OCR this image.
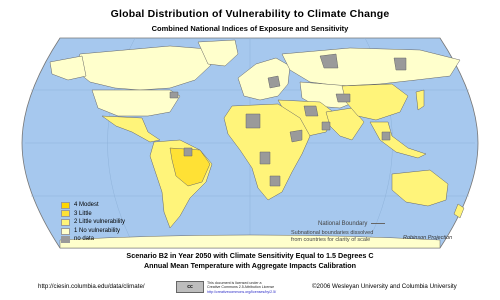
Global Distribution of Vulnerability to Climate Change
Combined National Indices of Exposure and Sensitivity
4 Modest
3 Little
2 Little vulnerability
1 No vulnerability
no data
National Boundary
Subnational boundaries dissolved
from countries for clarity of scale	Robinson Projection
Scenario B2 in Year 2050 with Climate Sensitivity Equal to 1.5 Degrees C
Annual Mean Temperature with Aggregate Impacts Calibration
http://ciesin.columbia.edu/data/climate/	cc
This document is licensed under a
Creative Commons 2.5 Attribution License
http://creativecommons.org/licenses/by/2.5/
©2006 Wesleyan University and Columbia University
